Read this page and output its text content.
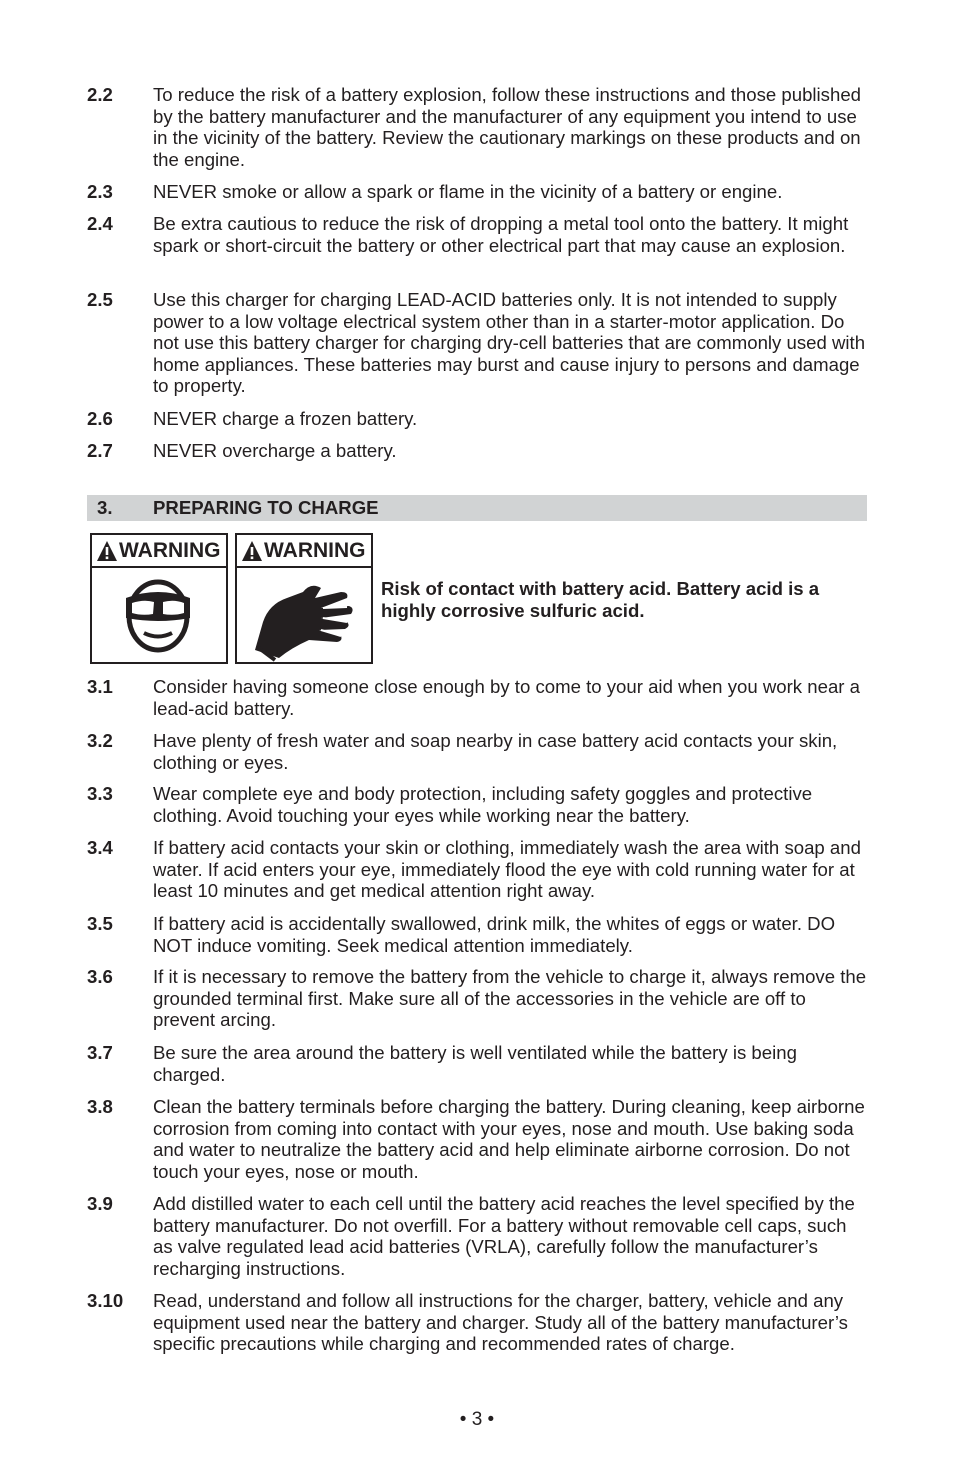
2.2	To reduce the risk of a battery explosion, follow these instructions and those published by the battery manufacturer and the manufacturer of any equipment you intend to use in the vicinity of the battery. Review the cautionary markings on these products and on the engine.
2.3	NEVER smoke or allow a spark or flame in the vicinity of a battery or engine.
2.4	Be extra cautious to reduce the risk of dropping a metal tool onto the battery. It might spark or short-circuit the battery or other electrical part that may cause an explosion.
2.5	Use this charger for charging LEAD-ACID batteries only. It is not intended to supply power to a low voltage electrical system other than in a starter-motor application. Do not use this battery charger for charging dry-cell batteries that are commonly used with home appliances. These batteries may burst and cause injury to persons and damage to property.
2.6	NEVER charge a frozen battery.
2.7	NEVER overcharge a battery.
3. PREPARING TO CHARGE
WARNING WARNING
Risk of contact with battery acid. Battery acid is a highly corrosive sulfuric acid.
3.1	Consider having someone close enough by to come to your aid when you work near a lead-acid battery.
3.2	Have plenty of fresh water and soap nearby in case battery acid contacts your skin, clothing or eyes.
3.3	Wear complete eye and body protection, including safety goggles and protective clothing. Avoid touching your eyes while working near the battery.
3.4	If battery acid contacts your skin or clothing, immediately wash the area with soap and water. If acid enters your eye, immediately flood the eye with cold running water for at least 10 minutes and get medical attention right away.
3.5	If battery acid is accidentally swallowed, drink milk, the whites of eggs or water. DO NOT induce vomiting. Seek medical attention immediately.
3.6	If it is necessary to remove the battery from the vehicle to charge it, always remove the grounded terminal first. Make sure all of the accessories in the vehicle are off to prevent arcing.
3.7	Be sure the area around the battery is well ventilated while the battery is being charged.
3.8	Clean the battery terminals before charging the battery. During cleaning, keep airborne corrosion from coming into contact with your eyes, nose and mouth. Use baking soda and water to neutralize the battery acid and help eliminate airborne corrosion. Do not touch your eyes, nose or mouth.
3.9	Add distilled water to each cell until the battery acid reaches the level specified by the battery manufacturer. Do not overfill. For a battery without removable cell caps, such as valve regulated lead acid batteries (VRLA), carefully follow the manufacturer’s recharging instructions.
3.10	Read, understand and follow all instructions for the charger, battery, vehicle and any equipment used near the battery and charger. Study all of the battery manufacturer’s specific precautions while charging and recommended rates of charge.
• 3 •
